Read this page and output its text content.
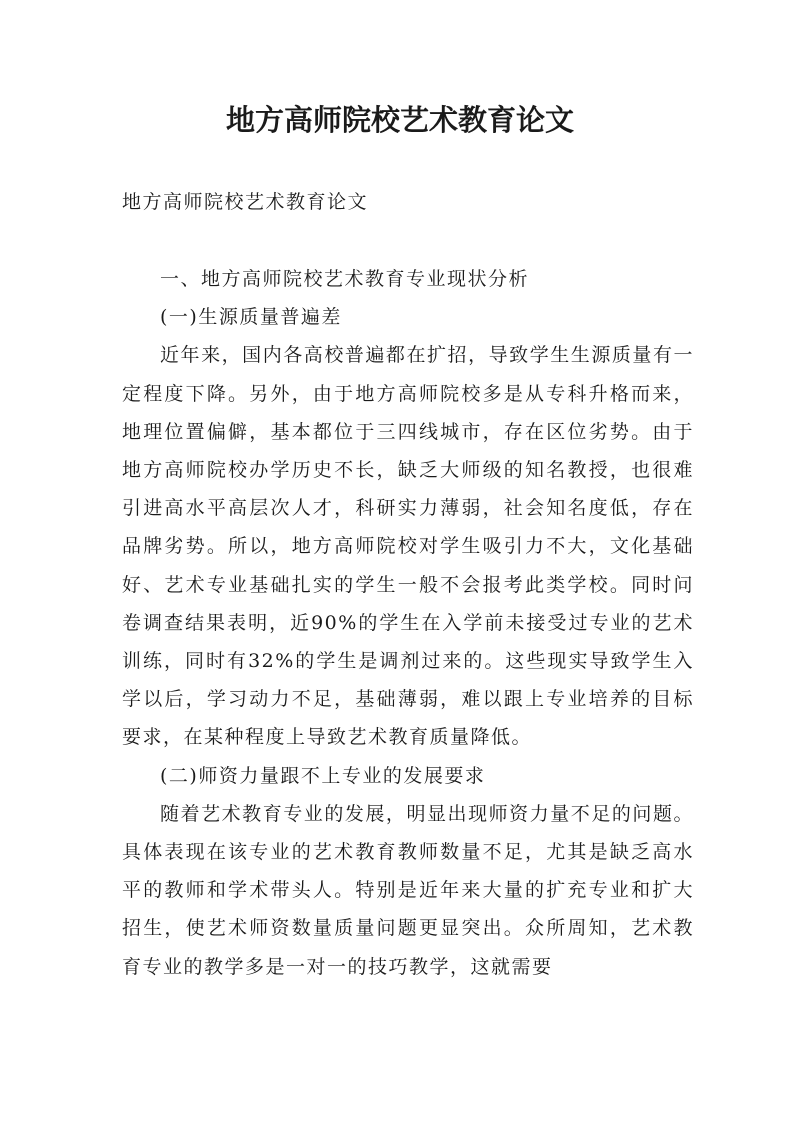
地方高师院校艺术教育论文

地方高师院校艺术教育论文

一、地方高师院校艺术教育专业现状分析

(一)生源质量普遍差

近年来，国内各高校普遍都在扩招，导致学生生源质量有一定程度下降。另外，由于地方高师院校多是从专科升格而来，地理位置偏僻，基本都位于三四线城市，存在区位劣势。由于地方高师院校办学历史不长，缺乏大师级的知名教授，也很难引进高水平高层次人才，科研实力薄弱，社会知名度低，存在品牌劣势。所以，地方高师院校对学生吸引力不大，文化基础好、艺术专业基础扎实的学生一般不会报考此类学校。同时问卷调查结果表明，近90%的学生在入学前未接受过专业的艺术训练，同时有32%的学生是调剂过来的。这些现实导致学生入学以后，学习动力不足，基础薄弱，难以跟上专业培养的目标要求，在某种程度上导致艺术教育质量降低。

(二)师资力量跟不上专业的发展要求

随着艺术教育专业的发展，明显出现师资力量不足的问题。具体表现在该专业的艺术教育教师数量不足，尤其是缺乏高水平的教师和学术带头人。特别是近年来大量的扩充专业和扩大招生，使艺术师资数量质量问题更显突出。众所周知，艺术教育专业的教学多是一对一的技巧教学，这就需要
